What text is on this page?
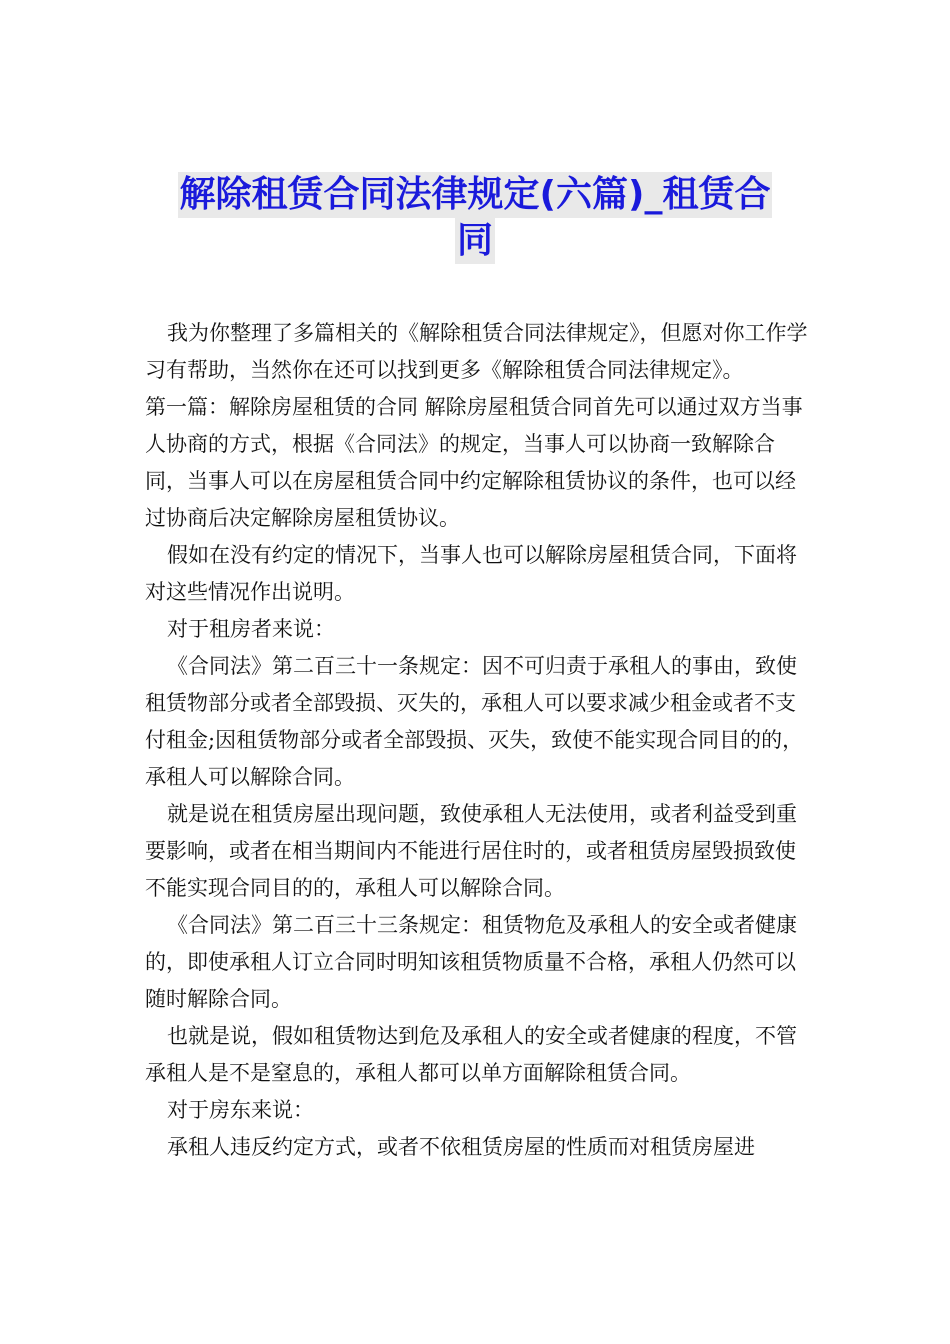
解除租赁合同法律规定(六篇)_租赁合
同

我为你整理了多篇相关的《解除租赁合同法律规定》，但愿对你工作学习有帮助，当然你在还可以找到更多《解除租赁合同法律规定》。

第一篇：解除房屋租赁的合同 解除房屋租赁合同首先可以通过双方当事人协商的方式，根据《合同法》的规定，当事人可以协商一致解除合同，当事人可以在房屋租赁合同中约定解除租赁协议的条件，也可以经过协商后决定解除房屋租赁协议。

假如在没有约定的情况下，当事人也可以解除房屋租赁合同，下面将对这些情况作出说明。

对于租房者来说：

《合同法》第二百三十一条规定：因不可归责于承租人的事由，致使租赁物部分或者全部毁损、灭失的，承租人可以要求减少租金或者不支付租金;因租赁物部分或者全部毁损、灭失，致使不能实现合同目的的，承租人可以解除合同。

就是说在租赁房屋出现问题，致使承租人无法使用，或者利益受到重要影响，或者在相当期间内不能进行居住时的，或者租赁房屋毁损致使不能实现合同目的的，承租人可以解除合同。

《合同法》第二百三十三条规定：租赁物危及承租人的安全或者健康的，即使承租人订立合同时明知该租赁物质量不合格，承租人仍然可以随时解除合同。

也就是说，假如租赁物达到危及承租人的安全或者健康的程度，不管承租人是不是窒息的，承租人都可以单方面解除租赁合同。

对于房东来说：

承租人违反约定方式，或者不依租赁房屋的性质而对租赁房屋进
